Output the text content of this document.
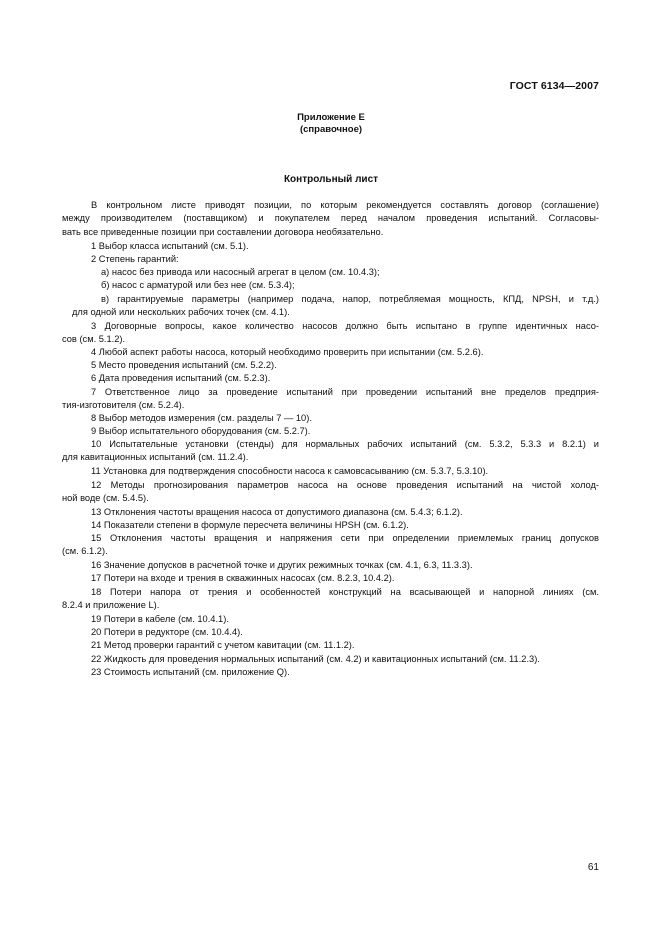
ГОСТ 6134—2007
Приложение Е
(справочное)
Контрольный лист
В контрольном листе приводят позиции, по которым рекомендуется составлять договор (соглашение)
между производителем (поставщиком) и покупателем перед началом проведения испытаний. Согласовы-
вать все приведенные позиции при составлении договора необязательно.
1 Выбор класса испытаний (см. 5.1).
2 Степень гарантий:
а) насос без привода или насосный агрегат в целом (см. 10.4.3);
б) насос с арматурой или без нее (см. 5.3.4);
в) гарантируемые параметры (например подача, напор, потребляемая мощность, КПД, NPSH, и т.д.)
для одной или нескольких рабочих точек (см. 4.1).
3 Договорные вопросы, какое количество насосов должно быть испытано в группе идентичных насо-
сов (см. 5.1.2).
4 Любой аспект работы насоса, который необходимо проверить при испытании (см. 5.2.6).
5 Место проведения испытаний (см. 5.2.2).
6 Дата проведения испытаний (см. 5.2.3).
7 Ответственное лицо за проведение испытаний при проведении испытаний вне пределов предприя-
тия-изготовителя (см. 5.2.4).
8 Выбор методов измерения (см. разделы 7 — 10).
9 Выбор испытательного оборудования (см. 5.2.7).
10 Испытательные установки (стенды) для нормальных рабочих испытаний (см. 5.3.2, 5.3.3 и 8.2.1) и
для кавитационных испытаний (см. 11.2.4).
11 Установка для подтверждения способности насоса к самовсасыванию (см. 5.3.7, 5.3.10).
12 Методы прогнозирования параметров насоса на основе проведения испытаний на чистой холод-
ной воде (см. 5.4.5).
13 Отклонения частоты вращения насоса от допустимого диапазона (см. 5.4.3; 6.1.2).
14 Показатели степени в формуле пересчета величины HPSH (см. 6.1.2).
15 Отклонения частоты вращения и напряжения сети при определении приемлемых границ допусков
(см. 6.1.2).
16 Значение допусков в расчетной точке и других режимных точках (см. 4.1, 6.3, 11.3.3).
17 Потери на входе и трения в скважинных насосах (см. 8.2.3, 10.4.2).
18 Потери напора от трения и особенностей конструкций на всасывающей и напорной линиях (см.
8.2.4 и приложение L).
19 Потери в кабеле (см. 10.4.1).
20 Потери в редукторе (см. 10.4.4).
21 Метод проверки гарантий с учетом кавитации (см. 11.1.2).
22 Жидкость для проведения нормальных испытаний (см. 4.2) и кавитационных испытаний (см. 11.2.3).
23 Стоимость испытаний (см. приложение Q).
61
